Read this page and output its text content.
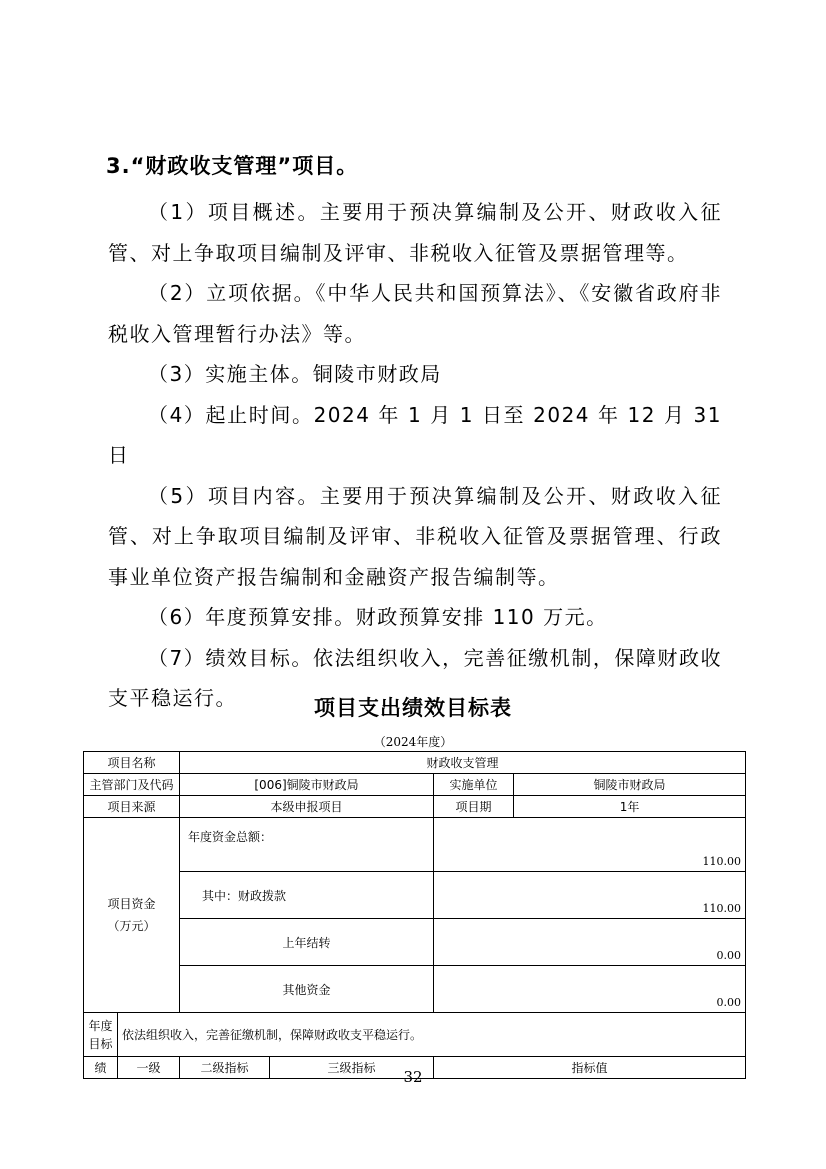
3.“财政收支管理”项目。

（1）项目概述。主要用于预决算编制及公开、财政收入征管、对上争取项目编制及评审、非税收入征管及票据管理等。

（2）立项依据。《中华人民共和国预算法》、《安徽省政府非税收入管理暂行办法》等。

（3）实施主体。铜陵市财政局

（4）起止时间。2024 年 1 月 1 日至 2024 年 12 月 31 日

（5）项目内容。主要用于预决算编制及公开、财政收入征管、对上争取项目编制及评审、非税收入征管及票据管理、行政事业单位资产报告编制和金融资产报告编制等。

（6）年度预算安排。财政预算安排 110 万元。

（7）绩效目标。依法组织收入，完善征缴机制，保障财政收支平稳运行。	项目支出绩效目标表
（2024年度）
项目名称		财政收支管理			
主管部门及代码		[006]铜陵市财政局		实施单位	铜陵市财政局
项目来源		本级申报项目		项目期	1年

项目资金
（万元）		年度资金总额：		110.00	
		其中：财政拨款		110.00	
		上年结转		0.00	
		其他资金		0.00	
年度目标	依法组织收入，完善征缴机制，保障财政收支平稳运行。				
绩	一级	二级指标	三级指标	指标值	
32
